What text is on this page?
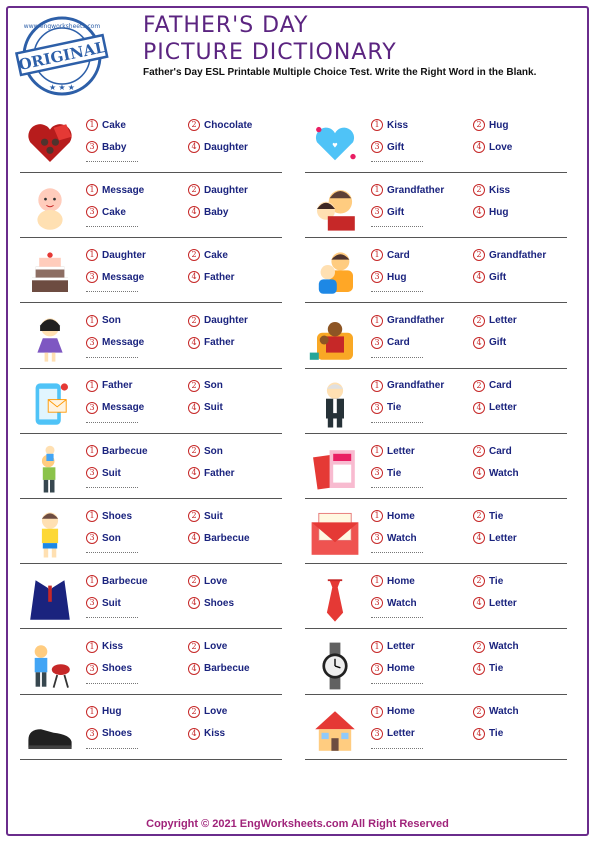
ORIGINAL
www.engworksheets.com
★ ★ ★
FATHER'S DAY
PICTURE DICTIONARY
Father's Day ESL Printable Multiple Choice Test. Write the Right Word in the Blank.
1 Cake	2 Chocolate
3 Baby	4 Daughter	♥
1 Kiss	2 Hug
3 Gift	4 Love
1 Message	2 Daughter
3 Cake	4 Baby
1 Grandfather	2 Kiss
3 Gift	4 Hug
1 Daughter	2 Cake
3 Message	4 Father
1 Card	2 Grandfather
3 Hug	4 Gift
1 Son	2 Daughter
3 Message	4 Father
1 Grandfather	2 Letter
3 Card	4 Gift
1 Father	2 Son
3 Message	4 Suit
1 Grandfather	2 Card
3 Tie	4 Letter
1 Barbecue	2 Son
3 Suit	4 Father
1 Letter	2 Card
3 Tie	4 Watch
1 Shoes	2 Suit
3 Son	4 Barbecue
1 Home	2 Tie
3 Watch	4 Letter
1 Barbecue	2 Love
3 Suit	4 Shoes
1 Home	2 Tie
3 Watch	4 Letter
1 Kiss	2 Love
3 Shoes	4 Barbecue
1 Letter	2 Watch
3 Home	4 Tie
1 Hug	2 Love
3 Shoes	4 Kiss
1 Home	2 Watch
3 Letter	4 Tie
Copyright © 2021 EngWorksheets.com All Right Reserved
